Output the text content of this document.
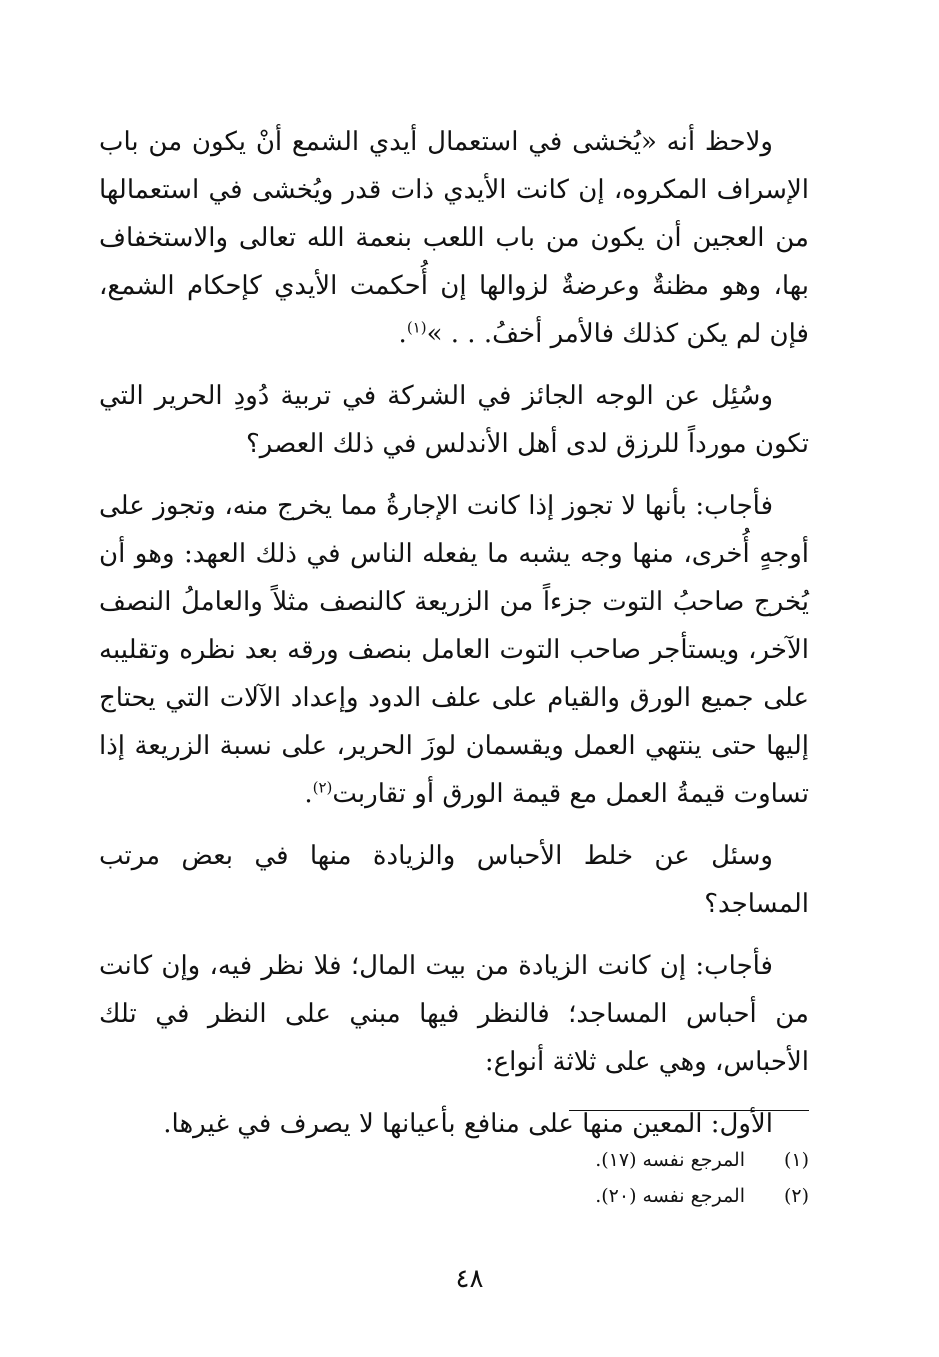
ولاحظ أنه «يُخشى في استعمال أيدي الشمع أنْ يكون من باب الإسراف المكروه، إن كانت الأيدي ذات قدر ويُخشى في استعمالها من العجين أن يكون من باب اللعب بنعمة الله تعالى والاستخفاف بها، وهو مظنةٌ وعرضةٌ لزوالها إن أُحكمت الأيدي كإحكام الشمع، فإن لم يكن كذلك فالأمر أخفُ. . . »$^{(١)}$.

وسُئِل عن الوجه الجائز في الشركة في تربية دُودِ الحرير التي تكون مورداً للرزق لدى أهل الأندلس في ذلك العصر؟

فأجاب: بأنها لا تجوز إذا كانت الإجارةُ مما يخرج منه، وتجوز على أوجهٍ أُخرى، منها وجه يشبه ما يفعله الناس في ذلك العهد: وهو أن يُخرج صاحبُ التوت جزءاً من الزريعة كالنصف مثلاً والعاملُ النصف الآخر، ويستأجر صاحب التوت العامل بنصف ورقه بعد نظره وتقليبه على جميع الورق والقيام على علف الدود وإعداد الآلات التي يحتاج إليها حتى ينتهي العمل ويقسمان لوزَ الحرير، على نسبة الزريعة إذا تساوت قيمةُ العمل مع قيمة الورق أو تقاربت$^{(٢)}$.

وسئل عن خلط الأحباس والزيادة منها في بعض مرتب المساجد؟

فأجاب: إن كانت الزيادة من بيت المال؛ فلا نظر فيه، وإن كانت من أحباس المساجد؛ فالنظر فيها مبني على النظر في تلك الأحباس، وهي على ثلاثة أنواع:

الأول: المعين منها على منافع بأعيانها لا يصرف في غيرها.

(١)
المرجع نفسه (١٧).
(٢)
المرجع نفسه (٢٠).
٤٨
